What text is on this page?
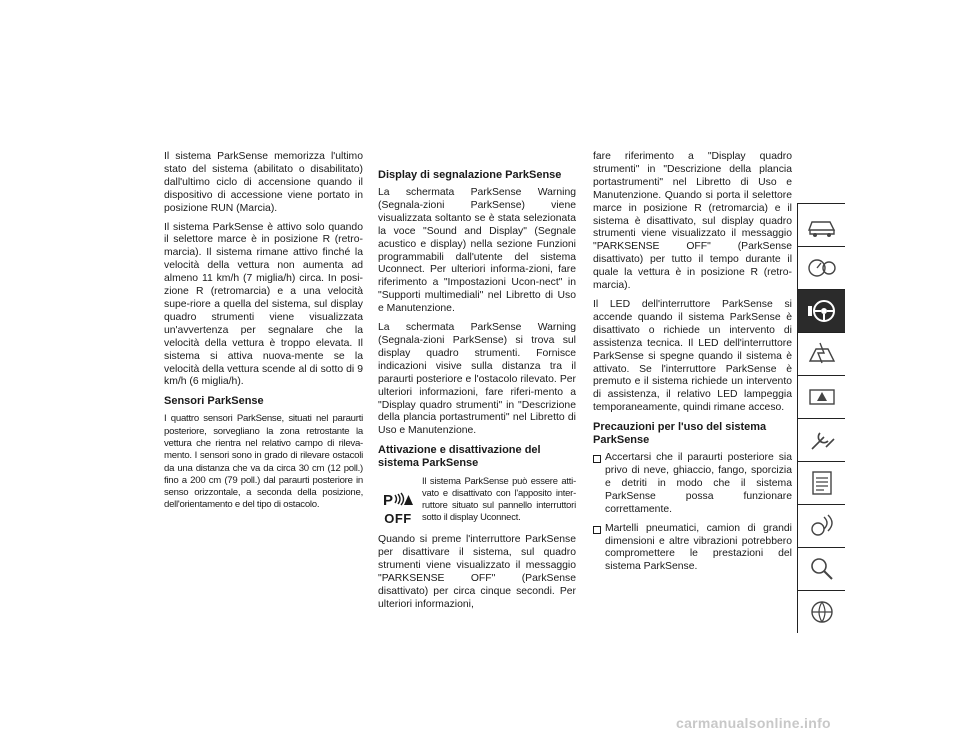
Il sistema ParkSense memorizza l'ultimo stato del sistema (abilitato o disabilitato) dall'ultimo ciclo di accensione quando il dispositivo di accessione viene portato in posizione RUN (Marcia).

Il sistema ParkSense è attivo solo quando il selettore marce è in posizione R (retro-marcia). Il sistema rimane attivo finché la velocità della vettura non aumenta ad almeno 11 km/h (7 miglia/h) circa. In posi-zione R (retromarcia) e a una velocità supe-riore a quella del sistema, sul display quadro strumenti viene visualizzata un'avvertenza per segnalare che la velocità della vettura è troppo elevata. Il sistema si attiva nuova-mente se la velocità della vettura scende al di sotto di 9 km/h (6 miglia/h).

Sensori ParkSense

I quattro sensori ParkSense, situati nel paraurti posteriore, sorvegliano la zona retrostante la vettura che rientra nel relativo campo di rileva-mento. I sensori sono in grado di rilevare ostacoli da una distanza che va da circa 30 cm (12 poll.) fino a 200 cm (79 poll.) dal paraurti posteriore in senso orizzontale, a seconda della posizione, dell'orientamento e del tipo di ostacolo.

Display di segnalazione ParkSense

La schermata ParkSense Warning (Segnala-zioni ParkSense) viene visualizzata soltanto se è stata selezionata la voce "Sound and Display" (Segnale acustico e display) nella sezione Funzioni programmabili dall'utente del sistema Uconnect. Per ulteriori informa-zioni, fare riferimento a "Impostazioni Ucon-nect" in "Supporti multimediali" nel Libretto di Uso e Manutenzione.

La schermata ParkSense Warning (Segnala-zioni ParkSense) si trova sul display quadro strumenti. Fornisce indicazioni visive sulla distanza tra il paraurti posteriore e l'ostacolo rilevato. Per ulteriori informazioni, fare riferi-mento a "Display quadro strumenti" in "Descrizione della plancia portastrumenti" nel Libretto di Uso e Manutenzione.

Attivazione e disattivazione del sistema ParkSense
P
OFF
Il sistema ParkSense può essere atti-vato e disattivato con l'apposito inter-ruttore situato sul pannello interruttori sotto il display Uconnect.

Quando si preme l'interruttore ParkSense per disattivare il sistema, sul quadro strumenti viene visualizzato il messaggio "PARKSENSE OFF" (ParkSense disattivato) per circa cinque secondi. Per ulteriori informazioni,

fare riferimento a "Display quadro strumenti" in "Descrizione della plancia portastrumenti" nel Libretto di Uso e Manutenzione. Quando si porta il selettore marce in posizione R (retromarcia) e il sistema è disattivato, sul display quadro strumenti viene visualizzato il messaggio "PARKSENSE OFF" (ParkSense disattivato) per tutto il tempo durante il quale la vettura è in posizione R (retro-marcia).

Il LED dell'interruttore ParkSense si accende quando il sistema ParkSense è disattivato o richiede un intervento di assistenza tecnica. Il LED dell'interruttore ParkSense si spegne quando il sistema è attivato. Se l'interruttore ParkSense è premuto e il sistema richiede un intervento di assistenza, il relativo LED lampeggia temporaneamente, quindi rimane acceso.

Precauzioni per l'uso del sistema ParkSense
Accertarsi che il paraurti posteriore sia privo di neve, ghiaccio, fango, sporcizia e detriti in modo che il sistema ParkSense possa funzionare correttamente.
Martelli pneumatici, camion di grandi dimensioni e altre vibrazioni potrebbero compromettere le prestazioni del sistema ParkSense.
carmanualsonline.info
